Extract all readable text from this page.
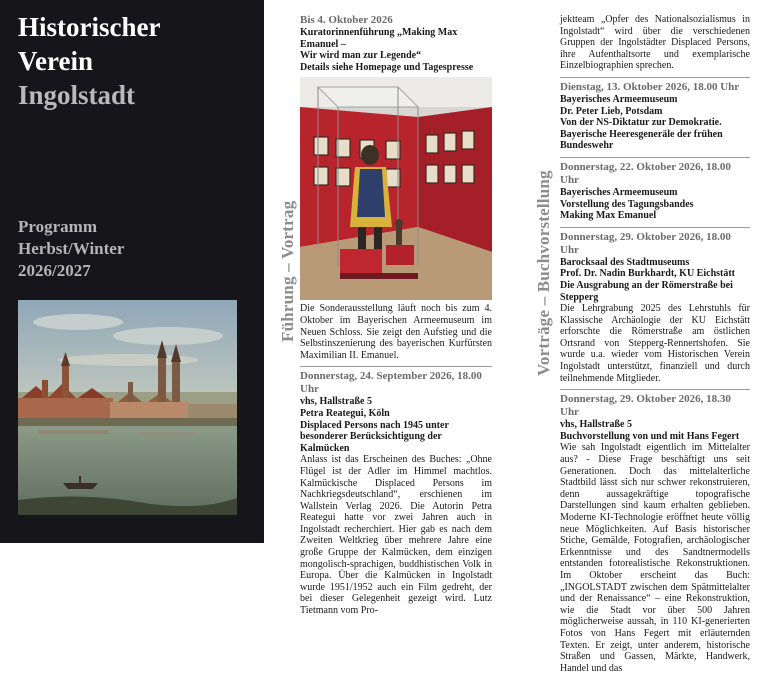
Historischer
Verein
Ingolstadt
Programm
Herbst/Winter
2026/2027	Führung – Vortrag	Vorträge – Buchvorstellung
Bis 4. Oktober 2026
Kuratorinnenführung „Making Max Emanuel –
Wir wird man zur Legende“
Details siehe Homepage und Tagespresse
Die Sonderausstellung läuft noch bis zum 4. Oktober im Bayerischen Armeemuseum im Neuen Schloss. Sie zeigt den Aufstieg und die Selbstinszenierung des bayerischen Kurfürsten Maximilian II. Emanuel.
Donnerstag, 24. September 2026, 18.00 Uhr
vhs, Hallstraße 5
Petra Reategui, Köln
Displaced Persons nach 1945 unter besonderer Berücksichtigung der Kalmücken
Anlass ist das Erscheinen des Buches: „Ohne Flügel ist der Adler im Himmel machtlos. Kalmückische Displaced Persons im Nachkriegsdeutschland“, erschienen im Wallstein Verlag 2026. Die Autorin Petra Reategui hatte vor zwei Jahren auch in Ingolstadt recherchiert. Hier gab es nach dem Zweiten Weltkrieg über mehrere Jahre eine große Gruppe der Kalmücken, dem einzigen mongolisch-sprachigen, buddhistischen Volk in Europa. Über die Kalmücken in Ingolstadt wurde 1951/1952 auch ein Film gedreht, der bei dieser Gelegenheit gezeigt wird. Lutz Tietmann vom Pro-
jektteam „Opfer des Nationalsozialismus in Ingolstadt“ wird über die verschiedenen Gruppen der Ingolstädter Displaced Persons, ihre Aufenthaltsorte und exemplarische Einzelbiographien sprechen.
Dienstag, 13. Oktober 2026, 18.00 Uhr
Bayerisches Armeemuseum
Dr. Peter Lieb, Potsdam
Von der NS-Diktatur zur Demokratie. Bayerische Heeresgeneräle der frühen Bundeswehr
Donnerstag, 22. Oktober 2026, 18.00 Uhr
Bayerisches Armeemuseum
Vorstellung des Tagungsbandes
Making Max Emanuel
Donnerstag, 29. Oktober 2026, 18.00 Uhr
Barocksaal des Stadtmuseums
Prof. Dr. Nadin Burkhardt, KU Eichstätt
Die Ausgrabung an der Römerstraße bei Stepperg
Die Lehrgrabung 2025 des Lehrstuhls für Klassische Archäologie der KU Eichstätt erforschte die Römerstraße am östlichen Ortsrand von Stepperg-Rennertshofen. Sie wurde u.a. wieder vom Historischen Verein Ingolstadt unterstützt, finanziell und durch teilnehmende Mitglieder.
Donnerstag, 29. Oktober 2026, 18.30 Uhr
vhs, Hallstraße 5
Buchvorstellung von und mit Hans Fegert
Wie sah Ingolstadt eigentlich im Mittelalter aus? - Diese Frage beschäftigt uns seit Generationen. Doch das mittelalterliche Stadtbild lässt sich nur schwer rekonstruieren, denn aussagekräftige topografische Darstellungen sind kaum erhalten geblieben. Moderne KI-Technologie eröffnet heute völlig neue Möglichkeiten. Auf Basis historischer Stiche, Gemälde, Fotografien, archäologischer Erkenntnisse und des Sandtnermodells entstanden fotorealistische Rekonstruktionen. Im Oktober erscheint das Buch: „INGOLSTADT zwischen dem Spätmittelalter und der Renaissance“ – eine Rekonstruktion, wie die Stadt vor über 500 Jahren möglicherweise aussah, in 110 KI-generierten Fotos von Hans Fegert mit erläuternden Texten. Er zeigt, unter anderem, historische Straßen und Gassen, Märkte, Handwerk, Handel und das
